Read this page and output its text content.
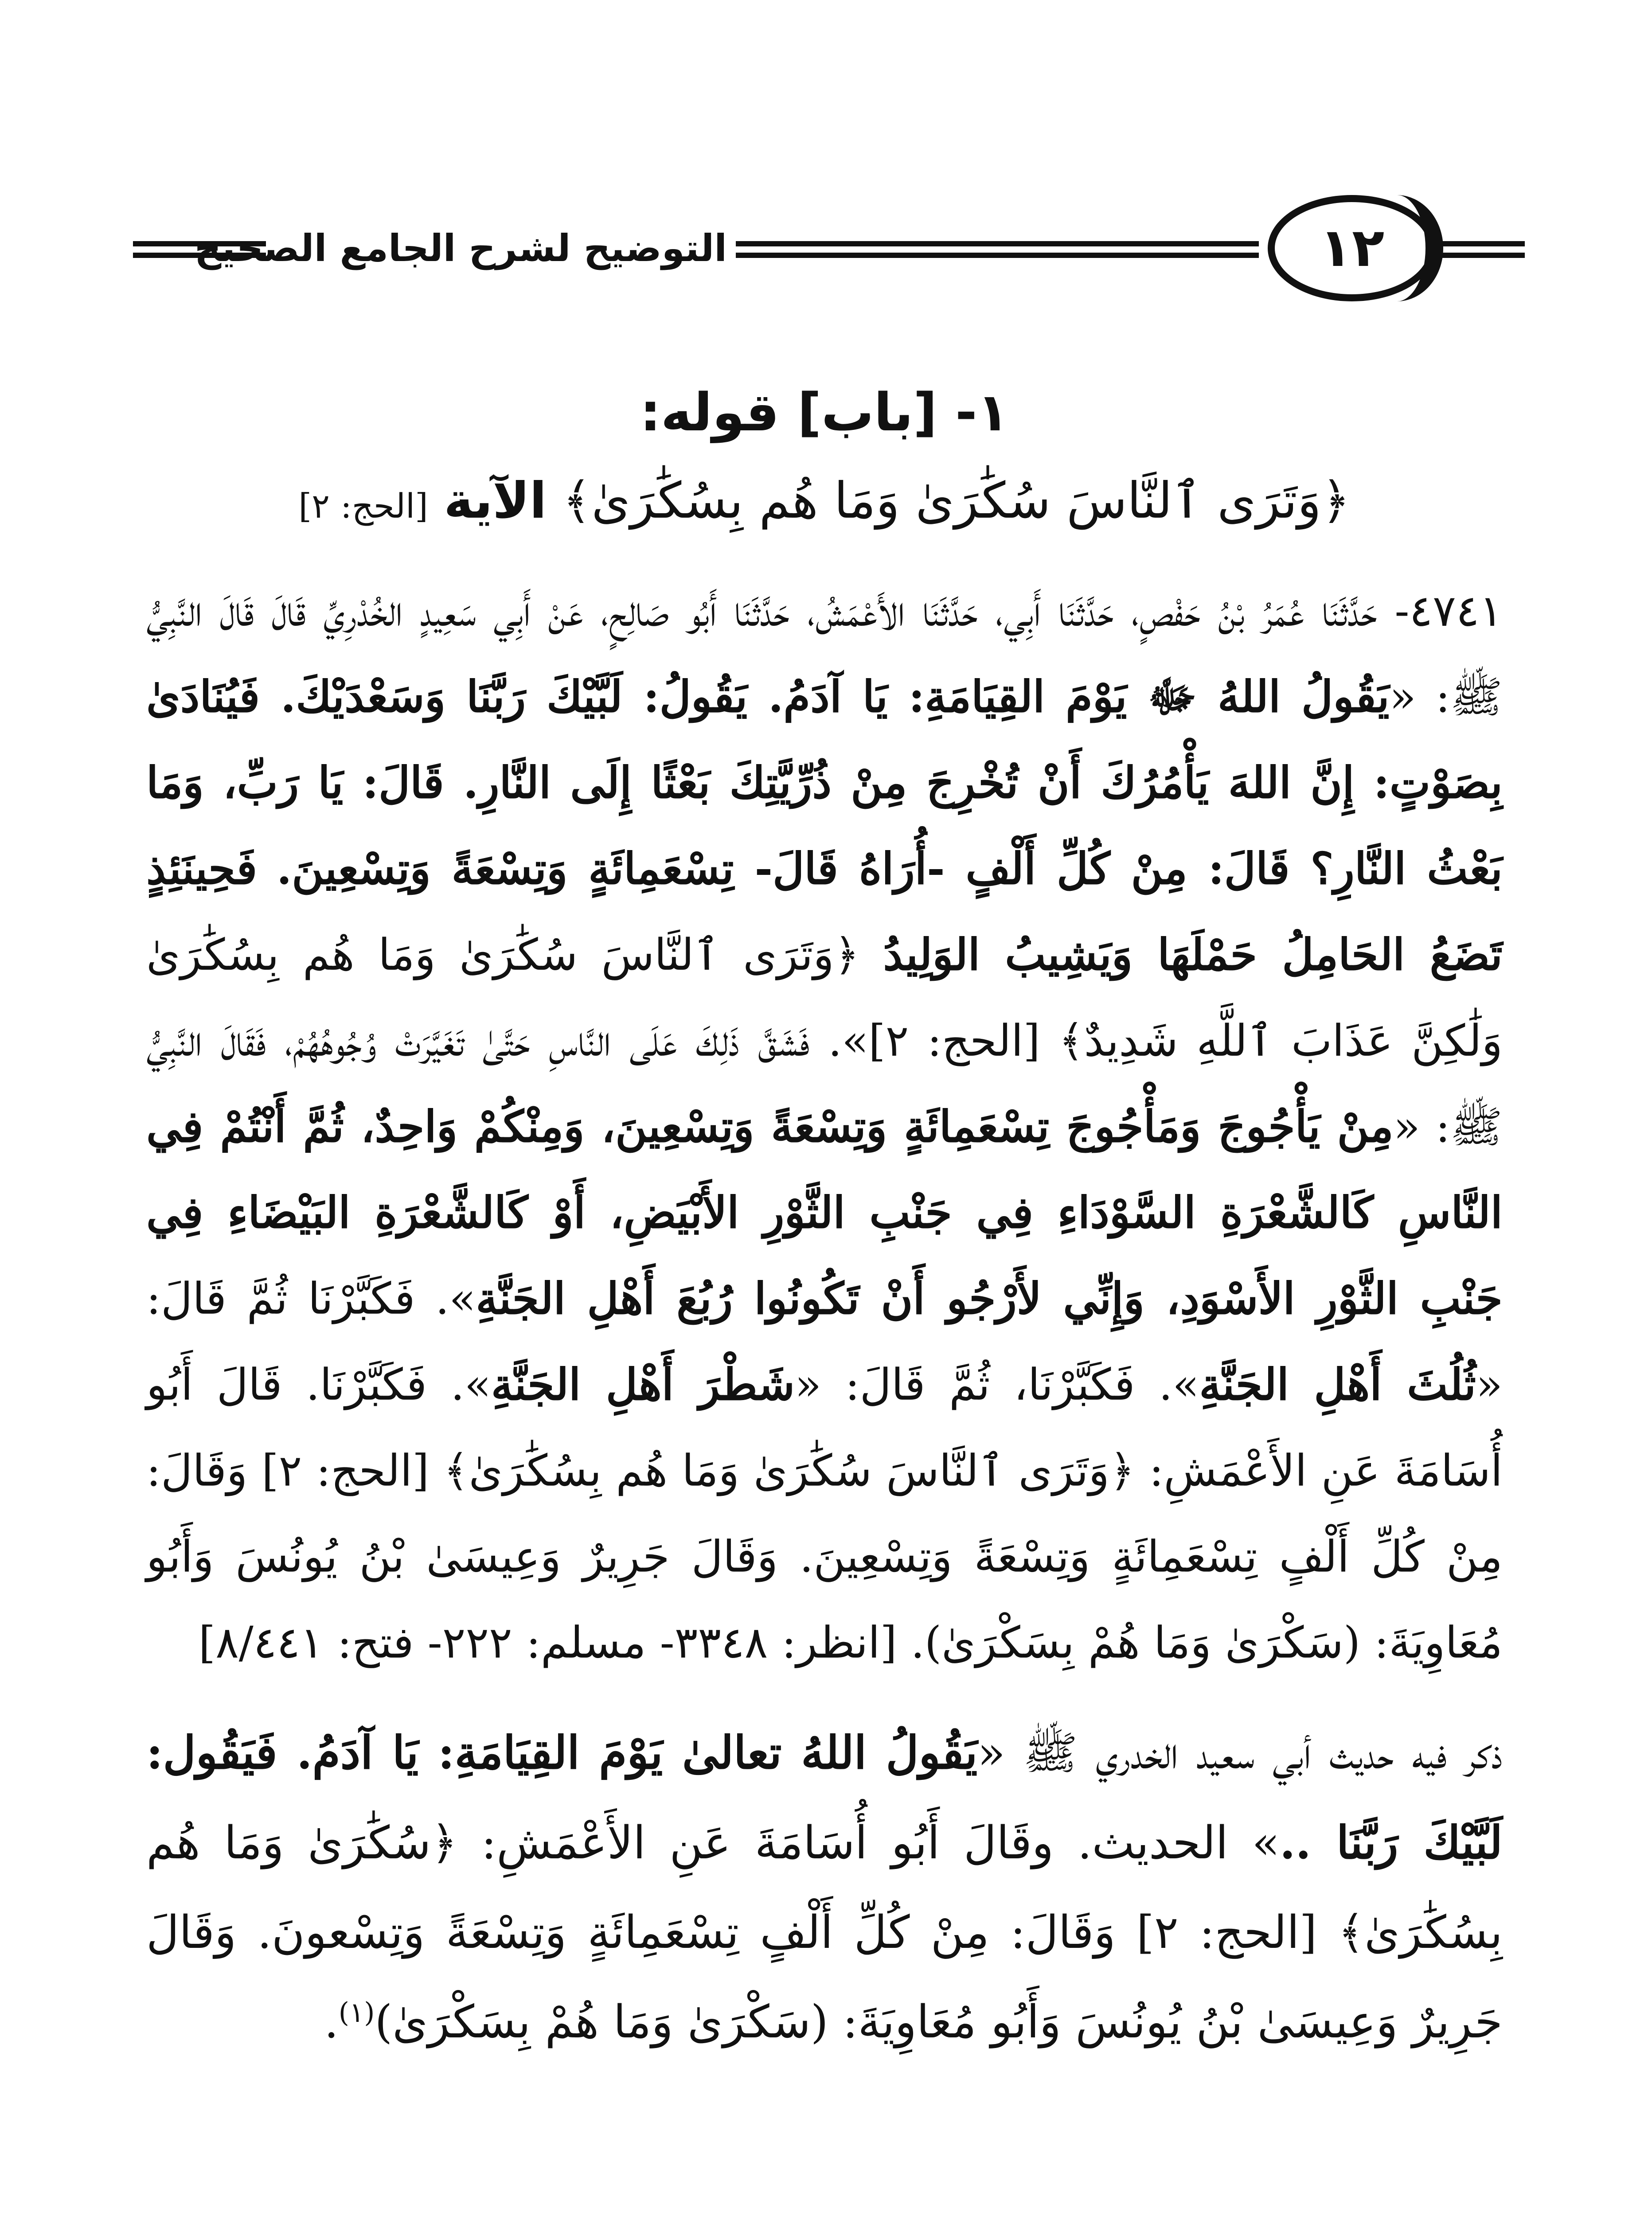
التوضيح لشرح الجامع الصحيح	١٢
١- [باب] قوله:

﴿وَتَرَى ٱلنَّاسَ سُكَٰرَىٰ وَمَا هُم بِسُكَٰرَىٰ﴾ الآية [الحج: ٢]

٤٧٤١- حَدَّثَنَا عُمَرُ بْنُ حَفْصٍ، حَدَّثَنَا أَبِي، حَدَّثَنَا الأَعْمَشُ، حَدَّثَنَا أَبُو صَالِحٍ، عَنْ أَبِي سَعِيدٍ الخُدْرِيِّ قَالَ قَالَ النَّبِيُّ ﷺ: «يَقُولُ اللهُ ﷻ يَوْمَ القِيَامَةِ: يَا آدَمُ. يَقُولُ: لَبَّيْكَ رَبَّنَا وَسَعْدَيْكَ. فَيُنَادَىٰ بِصَوْتٍ: إِنَّ اللهَ يَأْمُرُكَ أَنْ تُخْرِجَ مِنْ ذُرِّيَّتِكَ بَعْثًا إِلَى النَّارِ. قَالَ: يَا رَبِّ، وَمَا بَعْثُ النَّارِ؟ قَالَ: مِنْ كُلِّ أَلْفٍ -أُرَاهُ قَالَ- تِسْعَمِائَةٍ وَتِسْعَةً وَتِسْعِينَ. فَحِينَئِذٍ تَضَعُ الحَامِلُ حَمْلَهَا وَيَشِيبُ الوَلِيدُ ﴿وَتَرَى ٱلنَّاسَ سُكَٰرَىٰ وَمَا هُم بِسُكَٰرَىٰ وَلَٰكِنَّ عَذَابَ ٱللَّهِ شَدِيدٌ﴾ [الحج: ٢]». فَشَقَّ ذَلِكَ عَلَى النَّاسِ حَتَّىٰ تَغَيَّرَتْ وُجُوهُهُمْ، فَقَالَ النَّبِيُّ ﷺ: «مِنْ يَأْجُوجَ وَمَأْجُوجَ تِسْعَمِائَةٍ وَتِسْعَةً وَتِسْعِينَ، وَمِنْكُمْ وَاحِدٌ، ثُمَّ أَنْتُمْ فِي النَّاسِ كَالشَّعْرَةِ السَّوْدَاءِ فِي جَنْبِ الثَّوْرِ الأَبْيَضِ، أَوْ كَالشَّعْرَةِ البَيْضَاءِ فِي جَنْبِ الثَّوْرِ الأَسْوَدِ، وَإِنِّي لأَرْجُو أَنْ تَكُونُوا رُبُعَ أَهْلِ الجَنَّةِ». فَكَبَّرْنَا ثُمَّ قَالَ: «ثُلُثَ أَهْلِ الجَنَّةِ». فَكَبَّرْنَا، ثُمَّ قَالَ: «شَطْرَ أَهْلِ الجَنَّةِ». فَكَبَّرْنَا. قَالَ أَبُو أُسَامَةَ عَنِ الأَعْمَشِ: ﴿وَتَرَى ٱلنَّاسَ سُكَٰرَىٰ وَمَا هُم بِسُكَٰرَىٰ﴾ [الحج: ٢] وَقَالَ: مِنْ كُلِّ أَلْفٍ تِسْعَمِائَةٍ وَتِسْعَةً وَتِسْعِينَ. وَقَالَ جَرِيرٌ وَعِيسَىٰ بْنُ يُونُسَ وَأَبُو مُعَاوِيَةَ: (سَكْرَىٰ وَمَا هُمْ بِسَكْرَىٰ). [انظر: ٣٣٤٨- مسلم: ٢٢٢- فتح: ٨/٤٤١]

ذكر فيه حديث أبي سعيد الخدري ﷺ «يَقُولُ اللهُ تعالىٰ يَوْمَ القِيَامَةِ: يَا آدَمُ. فَيَقُول: لَبَّيْكَ رَبَّنَا ..» الحديث. وقَالَ أَبُو أُسَامَةَ عَنِ الأَعْمَشِ: ﴿سُكَٰرَىٰ وَمَا هُم بِسُكَٰرَىٰ﴾ [الحج: ٢] وَقَالَ: مِنْ كُلِّ أَلْفٍ تِسْعَمِائَةٍ وَتِسْعَةً وَتِسْعونَ. وَقَالَ جَرِيرٌ وَعِيسَىٰ بْنُ يُونُسَ وَأَبُو مُعَاوِيَةَ: (سَكْرَىٰ وَمَا هُمْ بِسَكْرَىٰ)$^{(١)}$.
